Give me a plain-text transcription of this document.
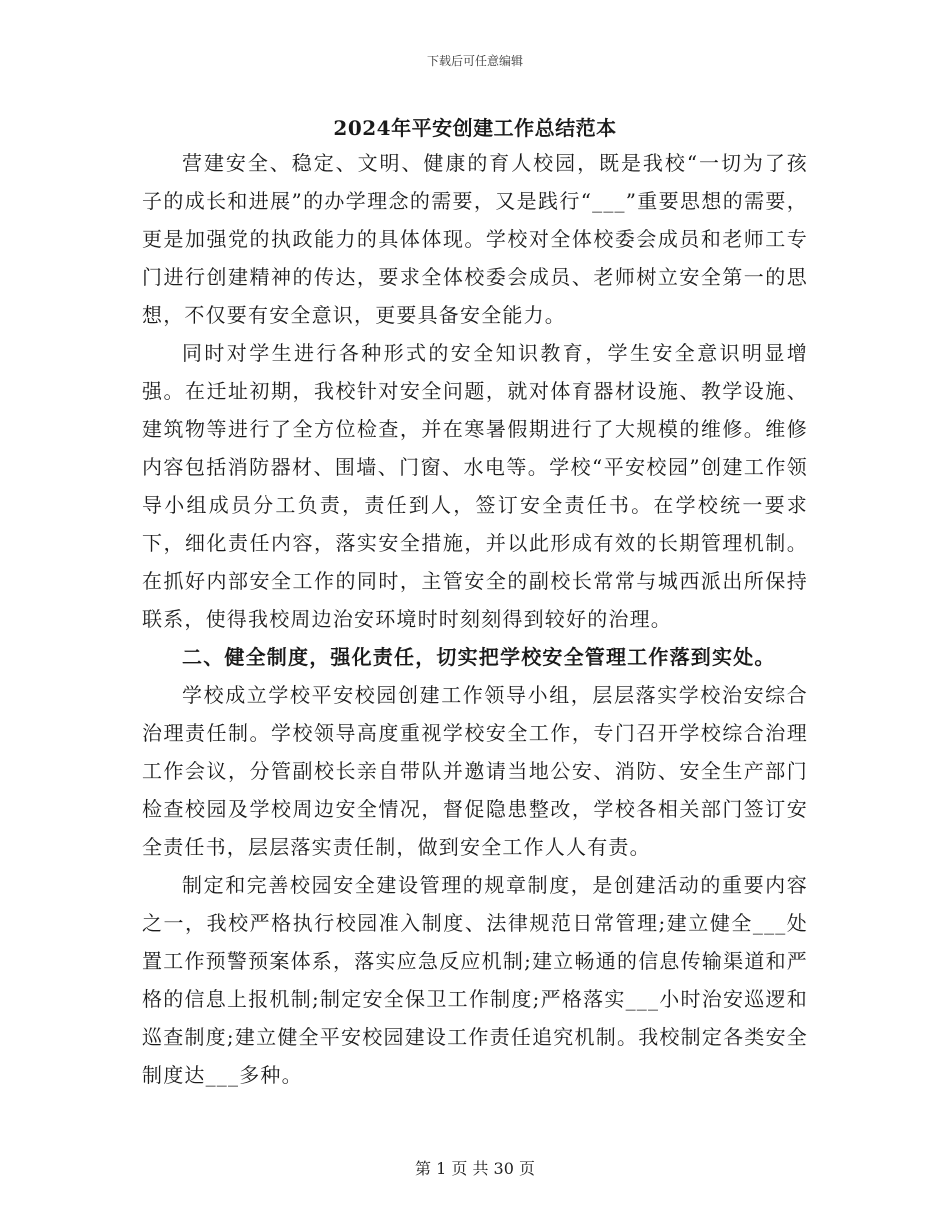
下载后可任意编辑
2024年平安创建工作总结范本

营建安全、稳定、文明、健康的育人校园，既是我校“一切为了孩子的成长和进展”的办学理念的需要，又是践行“___”重要思想的需要，更是加强党的执政能力的具体体现。学校对全体校委会成员和老师工专门进行创建精神的传达，要求全体校委会成员、老师树立安全第一的思想，不仅要有安全意识，更要具备安全能力。

同时对学生进行各种形式的安全知识教育，学生安全意识明显增强。在迁址初期，我校针对安全问题，就对体育器材设施、教学设施、建筑物等进行了全方位检查，并在寒暑假期进行了大规模的维修。维修内容包括消防器材、围墙、门窗、水电等。学校“平安校园”创建工作领导小组成员分工负责，责任到人，签订安全责任书。在学校统一要求下，细化责任内容，落实安全措施，并以此形成有效的长期管理机制。在抓好内部安全工作的同时，主管安全的副校长常常与城西派出所保持联系，使得我校周边治安环境时时刻刻得到较好的治理。

二、健全制度，强化责任，切实把学校安全管理工作落到实处。

学校成立学校平安校园创建工作领导小组，层层落实学校治安综合治理责任制。学校领导高度重视学校安全工作，专门召开学校综合治理工作会议，分管副校长亲自带队并邀请当地公安、消防、安全生产部门检查校园及学校周边安全情况，督促隐患整改，学校各相关部门签订安全责任书，层层落实责任制，做到安全工作人人有责。

制定和完善校园安全建设管理的规章制度，是创建活动的重要内容之一，我校严格执行校园准入制度、法律规范日常管理;建立健全___处置工作预警预案体系，落实应急反应机制;建立畅通的信息传输渠道和严格的信息上报机制;制定安全保卫工作制度;严格落实___小时治安巡逻和巡查制度;建立健全平安校园建设工作责任追究机制。我校制定各类安全制度达___多种。

第 1 页 共 30 页
